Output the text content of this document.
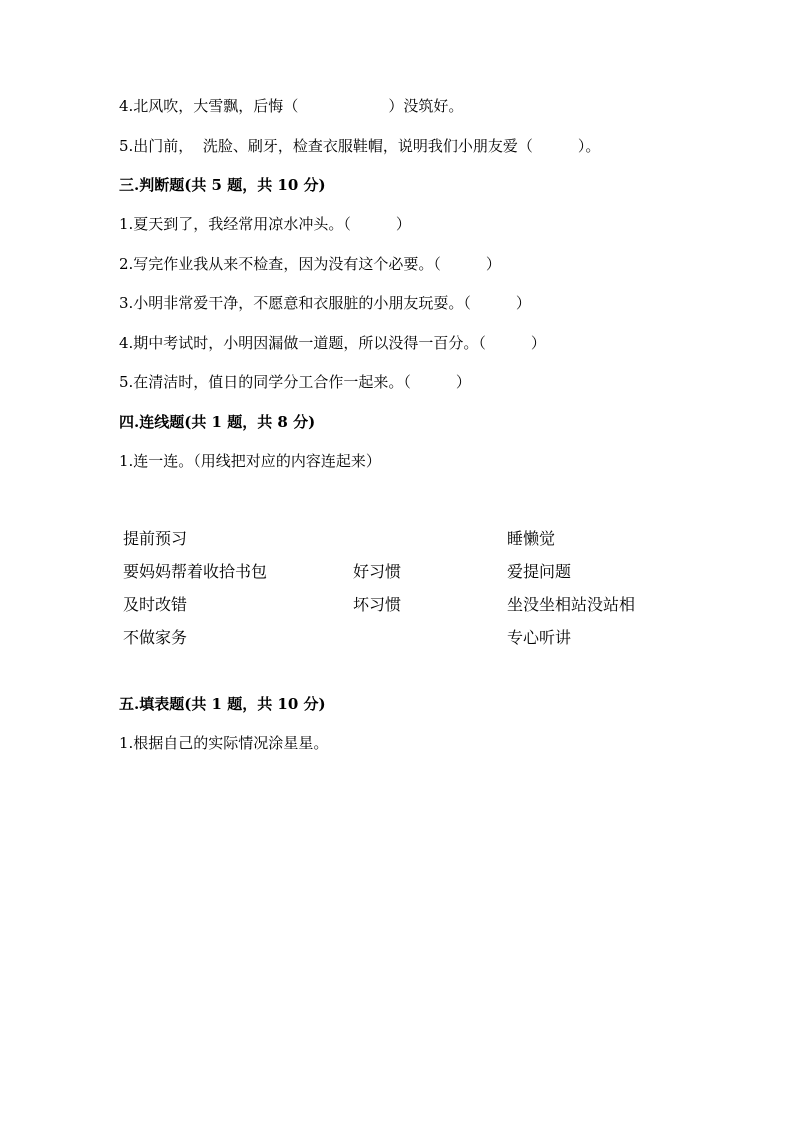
4.北风吹，大雪飘，后悔（　　　　　　）没筑好。
5.出门前，  洗脸、刷牙，检查衣服鞋帽，说明我们小朋友爱（　　　）。
三.判断题(共 5 题，共 10 分)
1.夏天到了，我经常用凉水冲头。（　　　）
2.写完作业我从来不检查，因为没有这个必要。（　　　）
3.小明非常爱干净，不愿意和衣服脏的小朋友玩耍。（　　　）
4.期中考试时，小明因漏做一道题，所以没得一百分。（　　　）
5.在清洁时，值日的同学分工合作一起来。（　　　）
四.连线题(共 1 题，共 8 分)
1.连一连。（用线把对应的内容连起来）
提前预习
要妈妈帮着收拾书包
及时改错
不做家务
好习惯
坏习惯
睡懒觉
爱提问题
坐没坐相站没站相
专心听讲
五.填表题(共 1 题，共 10 分)
1.根据自己的实际情况涂星星。
